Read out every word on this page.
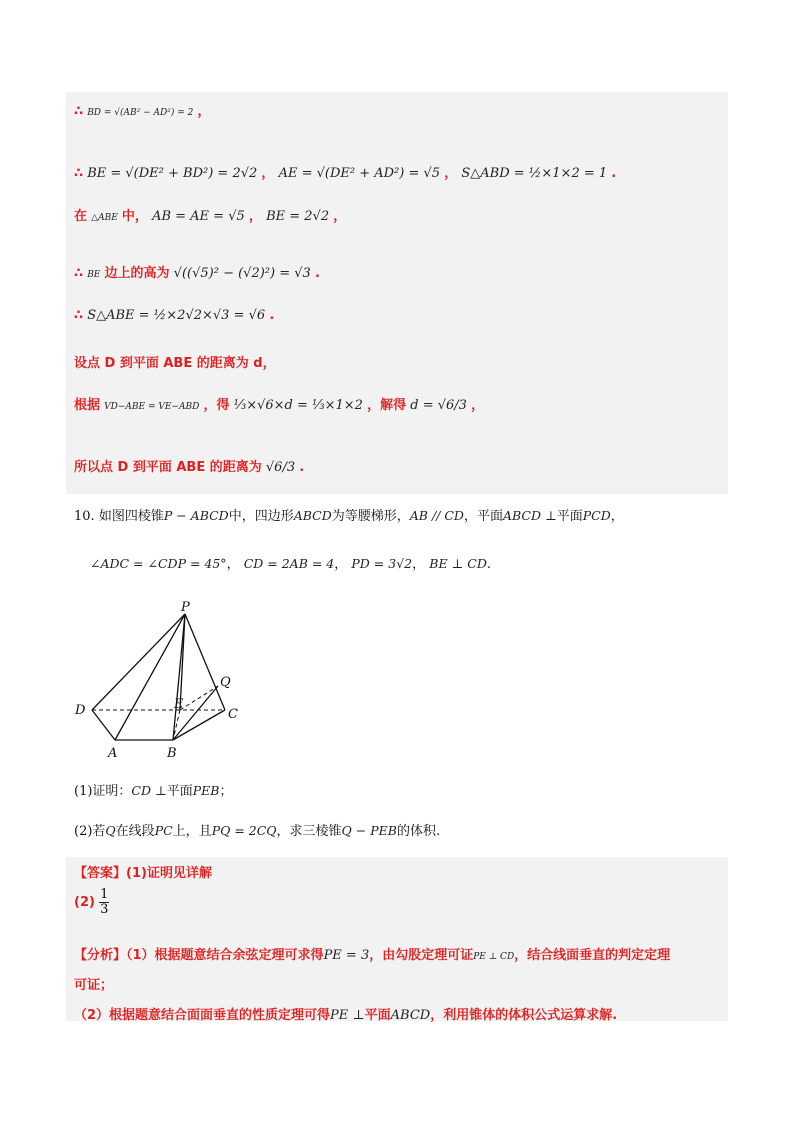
∴ BD = √(AB² − AD²) = 2 ，
∴ BE = √(DE² + BD²) = 2√2 ， AE = √(DE² + AD²) = √5 ， S△ABD = ½×1×2 = 1 .
在 △ABE 中， AB = AE = √5 ， BE = 2√2 ，
∴ BE 边上的高为 √((√5)² − (√2)²) = √3 .
∴ S△ABE = ½×2√2×√3 = √6 .
设点 D 到平面 ABE 的距离为 d，
根据 VD−ABE = VE−ABD ，得 ⅓×√6×d = ⅓×1×2 ，解得 d = √6/3 ，
所以点 D 到平面 ABE 的距离为 √6/3 .
10. 如图四棱锥P − ABCD中，四边形ABCD为等腰梯形，AB // CD，平面ABCD ⊥平面PCD，
∠ADC = ∠CDP = 45°， CD = 2AB = 4， PD = 3√2， BE ⊥ CD.
P
Q
D	E
C
A	B
(1)证明：CD ⊥平面PEB；
(2)若Q在线段PC上，且PQ = 2CQ，求三棱锥Q − PEB的体积.
【答案】(1)证明见详解
$(2) \frac{1}{3}$
【分析】（1）根据题意结合余弦定理可求得PE = 3，由勾股定理可证PE ⊥ CD，结合线面垂直的判定定理
可证；
（2）根据题意结合面面垂直的性质定理可得PE ⊥平面ABCD，利用锥体的体积公式运算求解.
